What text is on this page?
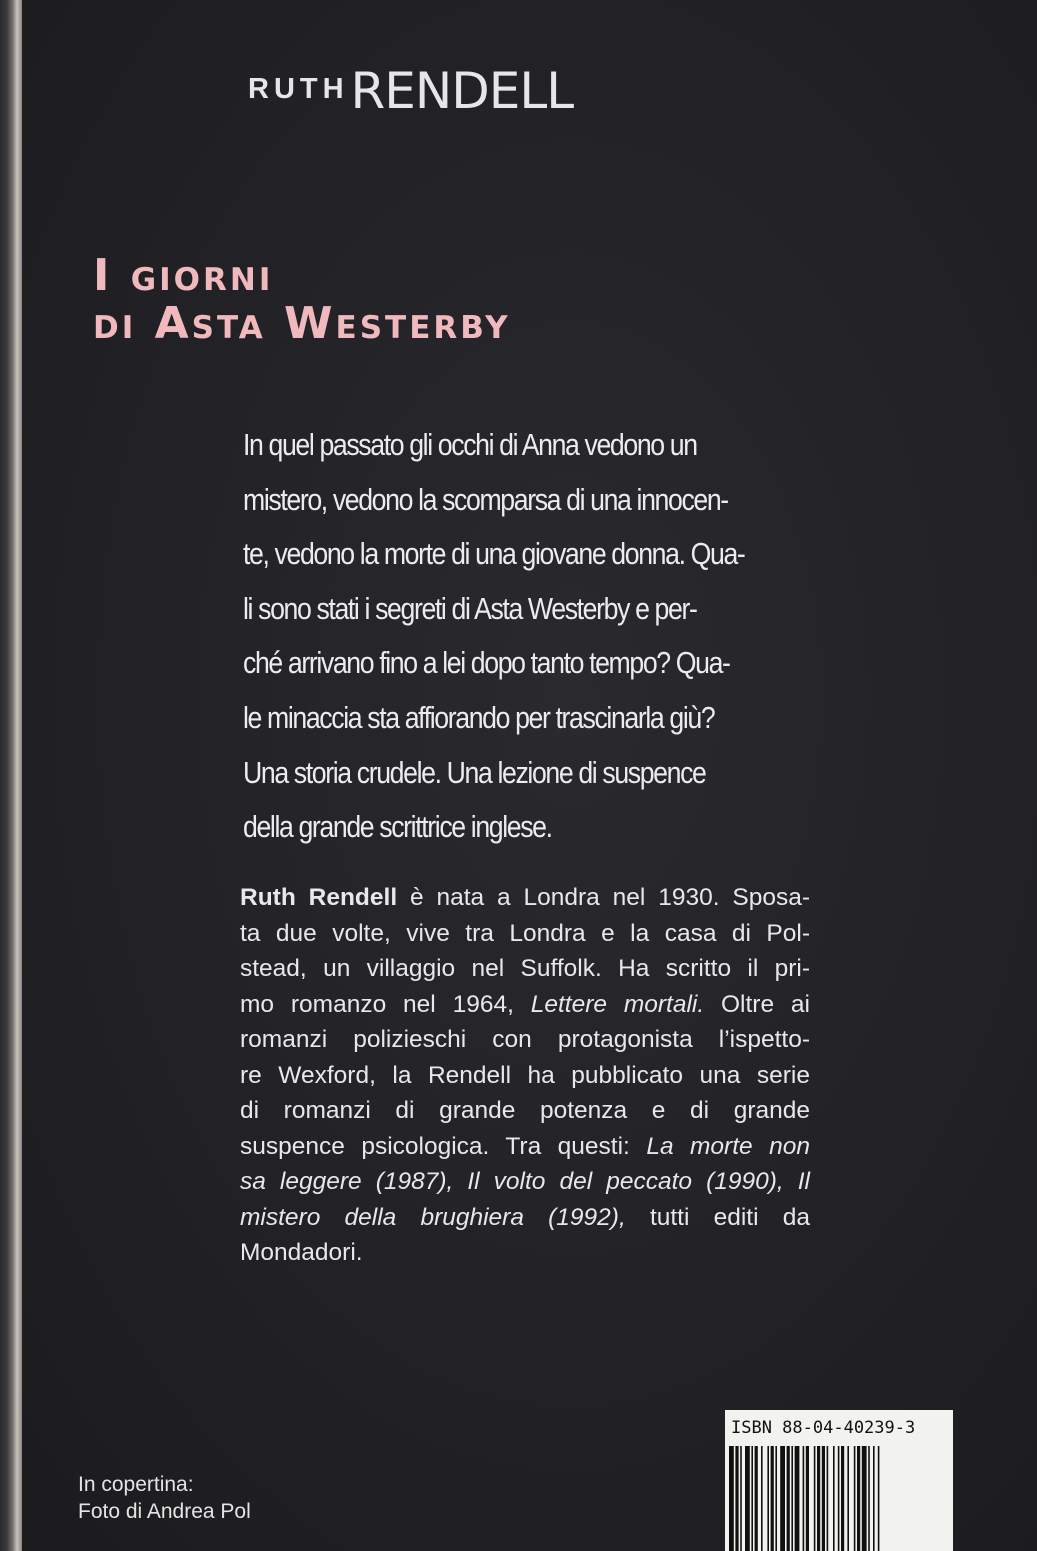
RUTHRENDELL
I giorni
di Asta Westerby
In quel passato gli occhi di Anna vedono un
mistero, vedono la scomparsa di una innocen-
te, vedono la morte di una giovane donna. Qua-
li sono stati i segreti di Asta Westerby e per-
ché arrivano fino a lei dopo tanto tempo? Qua-
le minaccia sta affiorando per trascinarla giù?
Una storia crudele. Una lezione di suspence
della grande scrittrice inglese.
Ruth Rendell è nata a Londra nel 1930. Sposa-
ta due volte, vive tra Londra e la casa di Pol-
stead, un villaggio nel Suffolk. Ha scritto il pri-
mo romanzo nel 1964, Lettere mortali. Oltre ai
romanzi polizieschi con protagonista l’ispetto-
re Wexford, la Rendell ha pubblicato una serie
di romanzi di grande potenza e di grande
suspence psicologica. Tra questi: La morte non
sa leggere (1987), Il volto del peccato (1990), Il
mistero della brughiera (1992), tutti editi da
Mondadori.
In copertina:
Foto di Andrea Pol
ISBN 88-04-40239-3
